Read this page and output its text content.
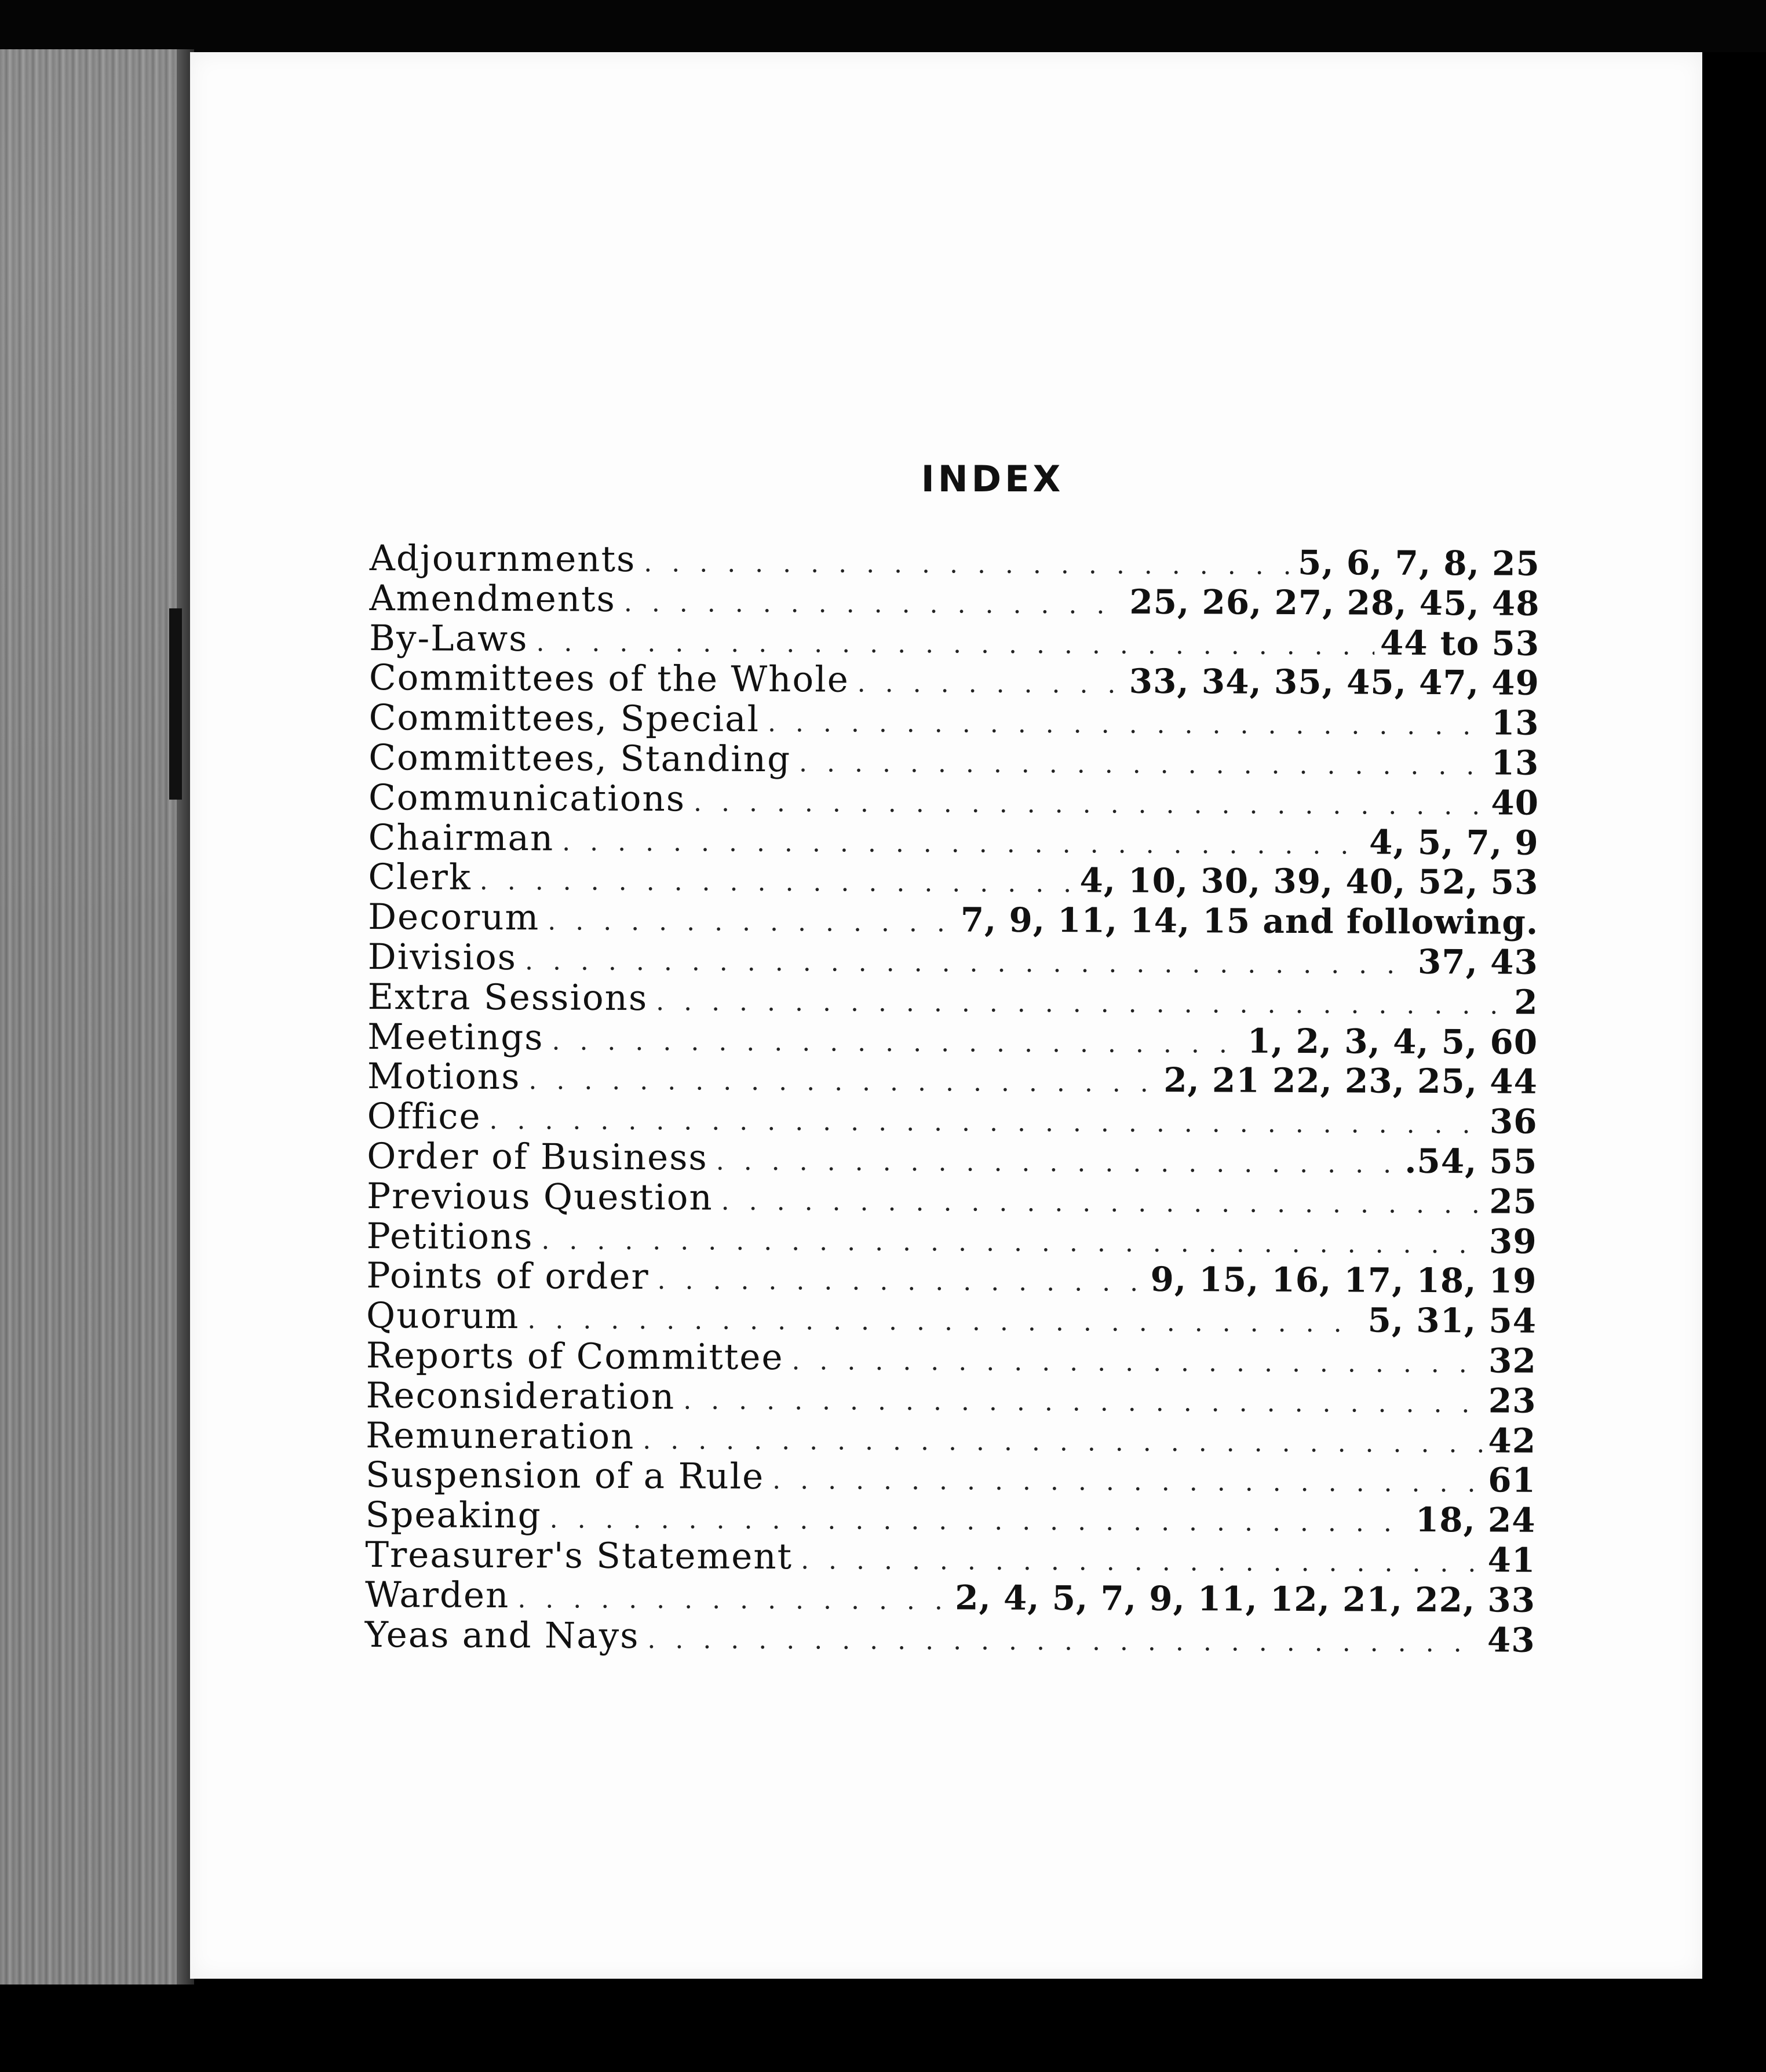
INDEX
Adjournments . . .	5, 6, 7, 8, 25
Amendments . . .	25, 26, 27, 28, 45, 48
By-Laws . . .	44 to 53
Committees of the Whole . . .	33, 34, 35, 45, 47, 49
Committees, Special . . .	13
Committees, Standing . . .	13
Communications . . .	40
Chairman . . .	4, 5, 7, 9
Clerk . . .	4, 10, 30, 39, 40, 52, 53
Decorum . . .	7, 9, 11, 14, 15 and following.
Divisios . . .	37, 43
Extra Sessions . . .	2
Meetings . . .	1, 2, 3, 4, 5, 60
Motions . . .	2, 21 22, 23, 25, 44
Office . . .	36
Order of Business . . .	.54, 55
Previous Question . . .	25
Petitions . . .	39
Points of order . . .	9, 15, 16, 17, 18, 19
Quorum . . .	5, 31, 54
Reports of Committee . . .	32
Reconsideration . . .	23
Remuneration . . .	42
Suspension of a Rule . . .	61
Speaking . . .	18, 24
Treasurer's Statement . . .	41
Warden . . .	2, 4, 5, 7, 9, 11, 12, 21, 22, 33
Yeas and Nays . . .	43
